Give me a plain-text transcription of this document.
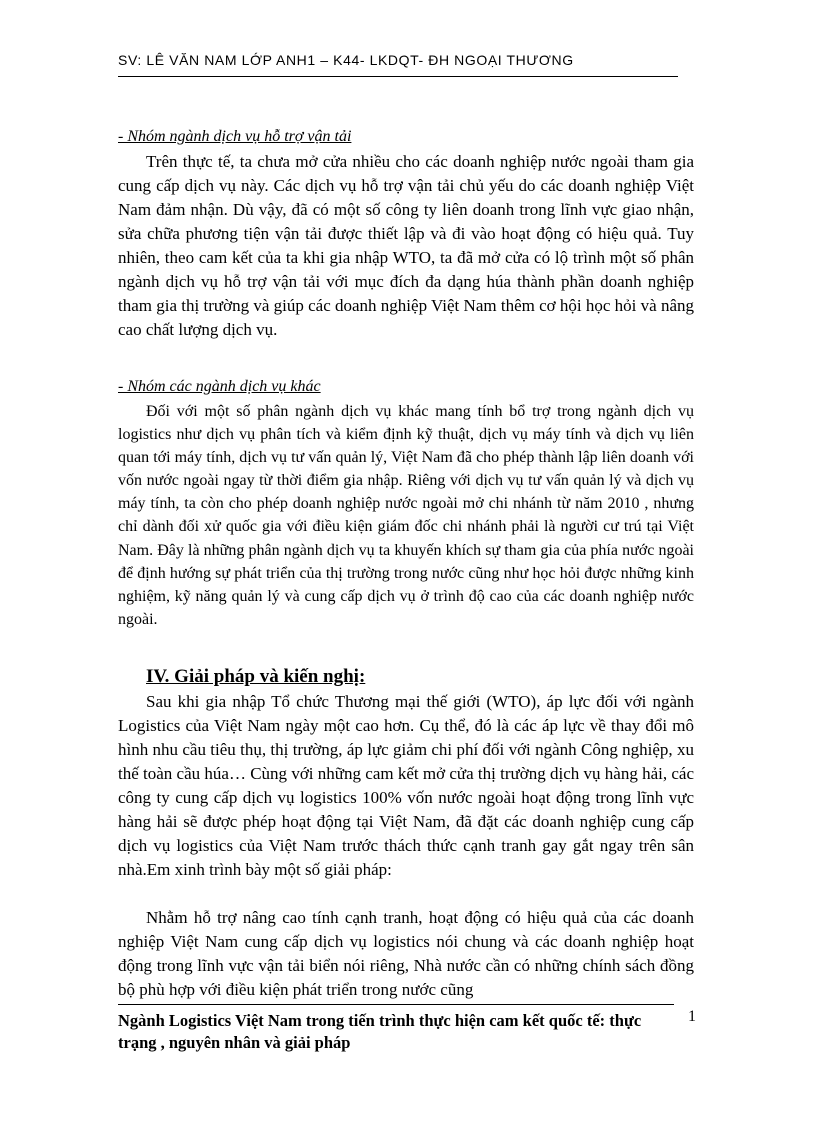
SV: LÊ VĂN NAM LỚP ANH1 – K44- LKDQT- ĐH NGOẠI THƯƠNG
- Nhóm ngành dịch vụ hỗ trợ vận tải
Trên thực tế, ta chưa mở cửa nhiều cho các doanh nghiệp nước ngoài tham gia cung cấp dịch vụ này. Các dịch vụ hỗ trợ vận tải chủ yếu do các doanh nghiệp Việt Nam đảm nhận. Dù vậy, đã có một số công ty liên doanh trong lĩnh vực giao nhận, sửa chữa phương tiện vận tải được thiết lập và đi vào hoạt động có hiệu quả. Tuy nhiên, theo cam kết của ta khi gia nhập WTO, ta đã mở cửa có lộ trình một số phân ngành dịch vụ hỗ trợ vận tải với mục đích đa dạng húa thành phần doanh nghiệp tham gia thị trường và giúp các doanh nghiệp Việt Nam thêm cơ hội học hỏi và nâng cao chất lượng dịch vụ.
- Nhóm các ngành dịch vụ khác
Đối với một số phân ngành dịch vụ khác mang tính bổ trợ trong ngành dịch vụ logistics như dịch vụ phân tích và kiểm định kỹ thuật, dịch vụ máy tính và dịch vụ liên quan tới máy tính, dịch vụ tư vấn quản lý, Việt Nam đã cho phép thành lập liên doanh với vốn nước ngoài ngay từ thời điểm gia nhập. Riêng với dịch vụ tư vấn quản lý và dịch vụ máy tính, ta còn cho phép doanh nghiệp nước ngoài mở chi nhánh từ năm 2010 , nhưng chỉ dành đối xử quốc gia với điều kiện giám đốc chi nhánh phải là người cư trú tại Việt Nam. Đây là những phân ngành dịch vụ ta khuyến khích sự tham gia của phía nước ngoài để định hướng sự phát triển của thị trường trong nước cũng như học hỏi được những kinh nghiệm, kỹ năng quản lý và cung cấp dịch vụ ở trình độ cao của các doanh nghiệp nước ngoài.
IV. Giải pháp và kiến nghị:
Sau khi gia nhập Tổ chức Thương mại thế giới (WTO), áp lực đối với ngành Logistics của Việt Nam ngày một cao hơn. Cụ thể, đó là các áp lực về thay đổi mô hình nhu cầu tiêu thụ, thị trường, áp lực giảm chi phí đối với ngành Công nghiệp, xu thế toàn cầu húa… Cùng với những cam kết mở cửa thị trường dịch vụ hàng hải, các công ty cung cấp dịch vụ logistics 100% vốn nước ngoài hoạt động trong lĩnh vực hàng hải sẽ được phép hoạt động tại Việt Nam, đã đặt các doanh nghiệp cung cấp dịch vụ logistics của Việt Nam trước thách thức cạnh tranh gay gắt ngay trên sân nhà.Em xinh trình bày một số giải pháp:
Nhằm hỗ trợ nâng cao tính cạnh tranh, hoạt động có hiệu quả của các doanh nghiệp Việt Nam cung cấp dịch vụ logistics nói chung và các doanh nghiệp hoạt động trong lĩnh vực vận tải biển nói riêng, Nhà nước cần có những chính sách đồng bộ phù hợp với điều kiện phát triển trong nước cũng
Ngành Logistics Việt Nam trong tiến trình thực hiện cam kết quốc tế: thực trạng , nguyên nhân và giải pháp
1
